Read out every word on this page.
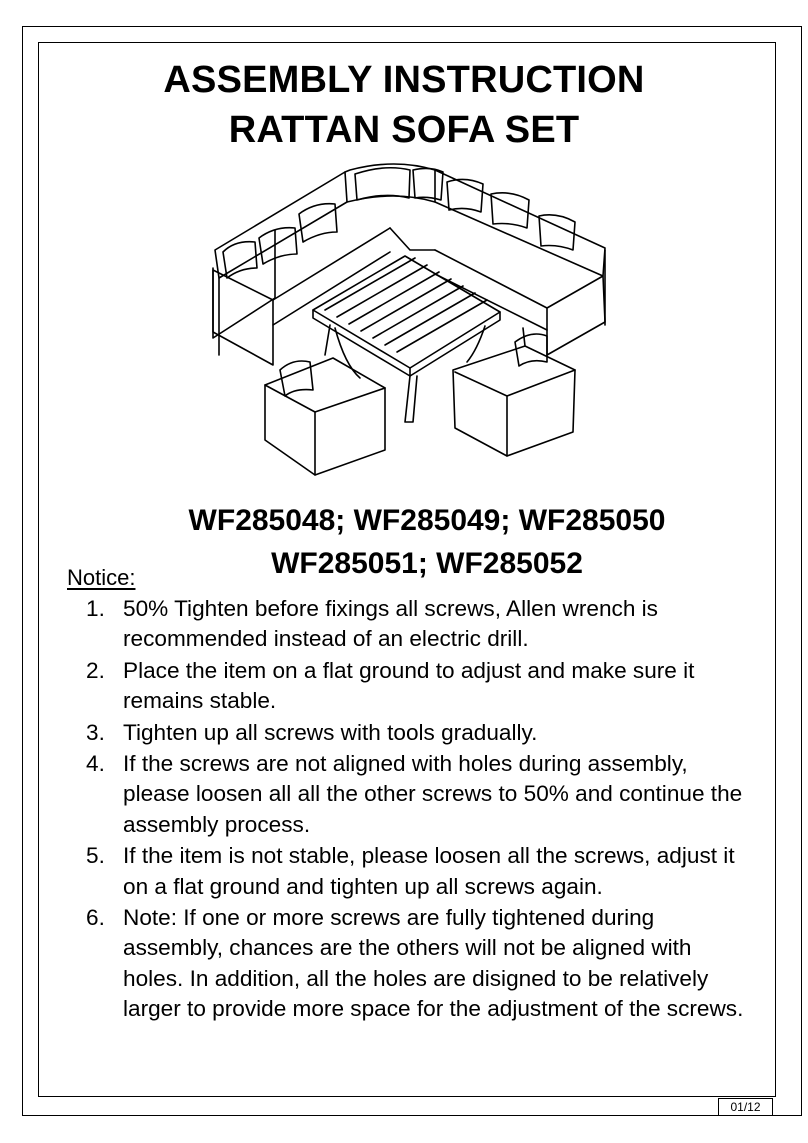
ASSEMBLY INSTRUCTION
RATTAN SOFA SET
WF285048; WF285049; WF285050
WF285051; WF285052
Notice:
1. 50% Tighten before fixings all screws, Allen wrench is recommended instead of an electric drill.
2. Place the item on a flat ground to adjust and make sure it remains stable.
3. Tighten up all screws with tools gradually.
4. If the screws are not aligned with holes during assembly, please loosen all all the other screws to 50% and continue the assembly process.
5. If the item is not stable, please loosen all the screws, adjust it on a flat ground and tighten up all screws again.
6. Note: If one or more screws are fully tightened during assembly, chances are the others will not be aligned with holes. In addition, all the holes are disigned to be relatively larger to provide more space for the adjustment of the screws.
01/12
